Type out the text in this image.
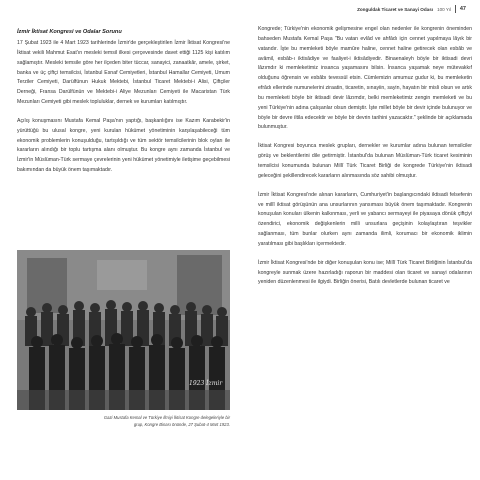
Zonguldak Ticaret ve Sanayi Odası 100 Yıl 47
İzmir İktisat Kongresi ve Odalar Sorunu

17 Şubat 1923 ile 4 Mart 1923 tarihlerinde İzmir'de gerçekleştirilen İzmir İktisat Kongresi'ne İktisat vekili Mahmut Esat'ın mesleki temsil ilkesi çerçevesinde davet ettiği 1125 kişi katılım sağlamıştır. Mesleki temsile göre her ilçeden biter tüccar, sanayici, zanaatkâr, amele, şirket, banka ve üç çiftçi temsilcisi, İstanbul Esnaf Cemiyetleri, İstanbul Hamallar Cemiyeti, Umum Terziler Cemiyeti, Darülfünun Hukuk Mektebi, İstanbul Ticaret Mektebi-i Alisi, Çiftçiler Derneği, Fransa Darülfünün ve Mektebi-i Aliye Mezunları Cemiyeti ile Macaristan Türk Mezunları Cemiyeti gibi meslek topluluklar, dernek ve kurumları katılmıştır.

Açılış konuşmasını Mustafa Kemal Paşa'nın yaptığı, başkanlığını ise Kazım Karabekir'in yürüttüğü bu ulusal kongre, yeni kurulan hükümet yönetiminin karşılaşabileceği tüm ekonomik problemlerin konuşulduğu, tartışıldığı ve tüm sektör temsilcilerinin blok oyları ile kararların alındığı bir toplu tartışma alanı olmuştur. Bu kongre aynı zamanda İstanbul ve İzmir'in Müslüman-Türk sermaye çevrelerinin yeni hükümet yönetimiyle iletişime geçebilmesi bakımından da büyük önem taşımaktadır.

1923 İzmir
Gazi Mustafa Kemal ve Türkiye İlmiyi İktisat Kongre delegeleriyle bir
grup, Kongre Binası önünde, 27 Şubat-4 Mart 1923.

Kongrede; Türkiye'nin ekonomik gelişmesine engel olan nedenler ile kongrenin öneminden bahseden Mustafa Kemal Paşa "Bu vatan evlâd ve ahfâdı için cennet yapılmaya lâyık bir vatandır. İşte bu memleketi böyle mamûre haline, cennet haline getirecek olan esbâb ve avâmil, esbâb-ı iktisâdiye ve faaliyet-i iktisâdiyedir. Binaenaleyh böyle bir iktisadi devri lâzımdır ki memleketimiz insanca yaşamasını bilsin. İnsanca yaşamak neye mütevakkıf olduğunu öğrensin ve esbâbı tevessül etsin. Cümlemizin amumuz gudur ki, bu memleketin efrâdı ellerinde numunelerini ziraatin, ticaretin, sınayiin, sayin, hayatın bir misli olsun ve artık bu memleketi böyle bir iktisadi devir lâzımdır, belki memleketimiz zengin memleketi ve bu yeni Türkiye'nin adına çalışanlar olsun demiştir. İşte millet böyle bir devir içinde bulunuyor ve böyle bir devre iltila edecektir ve böyle bir devrin tarihini yazacaktır." şeklinde bir açıklamada bulunmuştur.

İktisat Kongresi boyunca meslek grupları, dernekler ve kurumlar adına bulunan temsilciler görüş ve beklentilerini dile getirmiştir. İstanbul'da bulunan Müslüman-Türk ticaret kesiminin temsilcisi konumunda bulunan Millî Türk Ticaret Birliği de kongrede Türkiye'nin iktisadi geleceğini şekillendirecek kararların alınmasında söz sahibi olmuştur.

İzmir İktisat Kongresi'nde alınan kararların, Cumhuriyet'in başlangıcındaki iktisadi felsefenin ve millî iktisat görüşünün ana unsurlarının yansıması büyük önem taşımaktadır. Kongrenin konuşulan konuları ülkenin kalkınması, yerli ve yabancı sermayeyi ile piyasaya dönük çiftçiyi özendirici, ekonomik değişkenlerin milli unsurlara geçişinin kolaylaştıran teşvikler sağlanması, tüm bunlar olurken aynı zamanda ilimli, korumacı bir ekonomik iklimin yaratılması gibi başlıkları içermektedir.

İzmir İktisat Kongresi'nde bir diğer konuşulan konu ise; Millî Türk Ticaret Birliğinin İstanbul'da kongreyle sunmak üzere hazırladığı raporun bir maddesi olan ticaret ve sanayi odalarının yeniden düzenlenmesi ile ilgiydi. Birliğin önerisi, Batılı devletlerde bulunan ticaret ve
